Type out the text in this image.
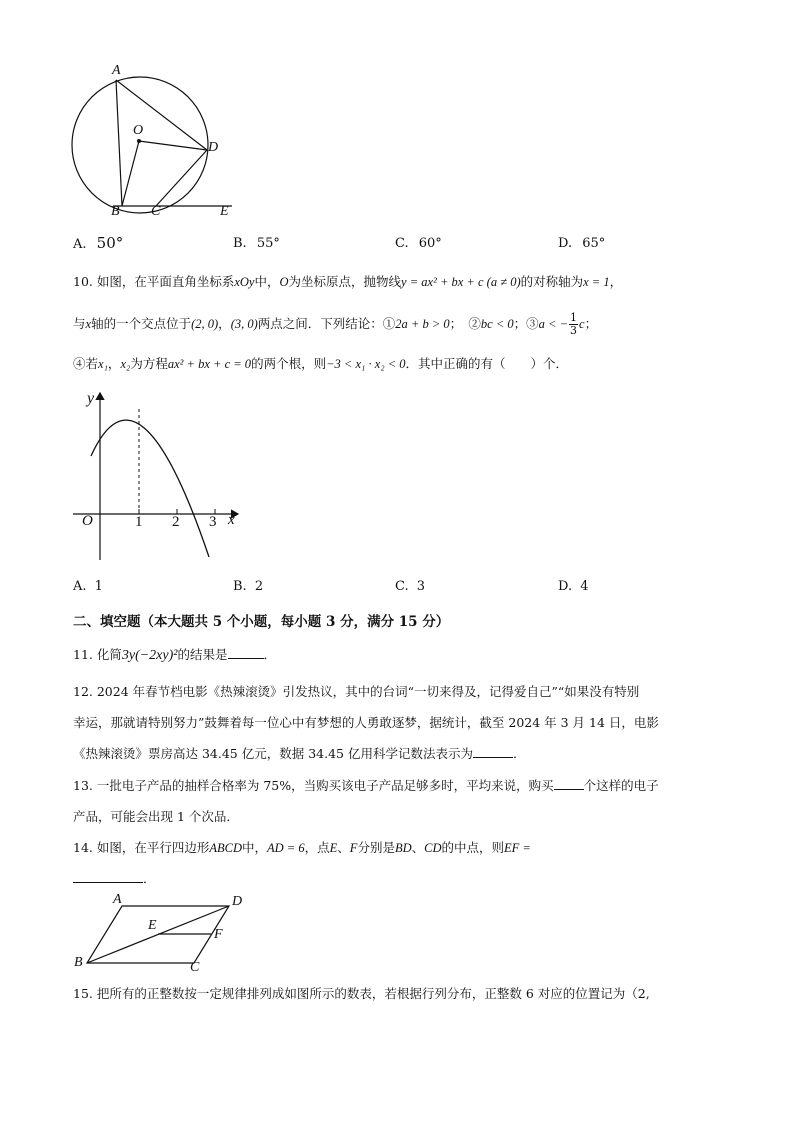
A
O
D
B C	E
A. 50°	B. 55°	C. 60°	D. 65°
10. 如图，在平面直角坐标系xOy中，O为坐标原点，抛物线y = ax² + bx + c (a ≠ 0)的对称轴为x = 1，
与x轴的一个交点位于(2, 0)，(3, 0)两点之间．下列结论：①2a + b > 0；　②bc < 0；③a < − $\frac{1}{3}$ c；
④若x₁，x₂为方程ax² + bx + c = 0的两个根，则−3 < x₁ · x₂ < 0．其中正确的有（　　）个．
y
x
O	1 2 3
A. 1	B. 2	C. 3	D. 4
二、填空题（本大题共 5 个小题，每小题 3 分，满分 15 分）
11. 化简3y(−2xy)²的结果是	．
12. 2024 年春节档电影《热辣滚烫》引发热议，其中的台词“一切来得及，记得爱自己”“如果没有特别
幸运，那就请特别努力”鼓舞着每一位心中有梦想的人勇敢逐梦，据统计，截至 2024 年 3 月 14 日，电影
《热辣滚烫》票房高达 34.45 亿元，数据 34.45 亿用科学记数法表示为	．
13. 一批电子产品的抽样合格率为 75%，当购买该电子产品足够多时，平均来说，购买 个这样的电子
产品，可能会出现 1 个次品．
14. 如图，在平行四边形ABCD中，AD = 6，点E、F分别是BD、CD的中点，则EF =
．
A	D
E
F
B	C
15. 把所有的正整数按一定规律排列成如图所示的数表，若根据行列分布，正整数 6 对应的位置记为（2,
